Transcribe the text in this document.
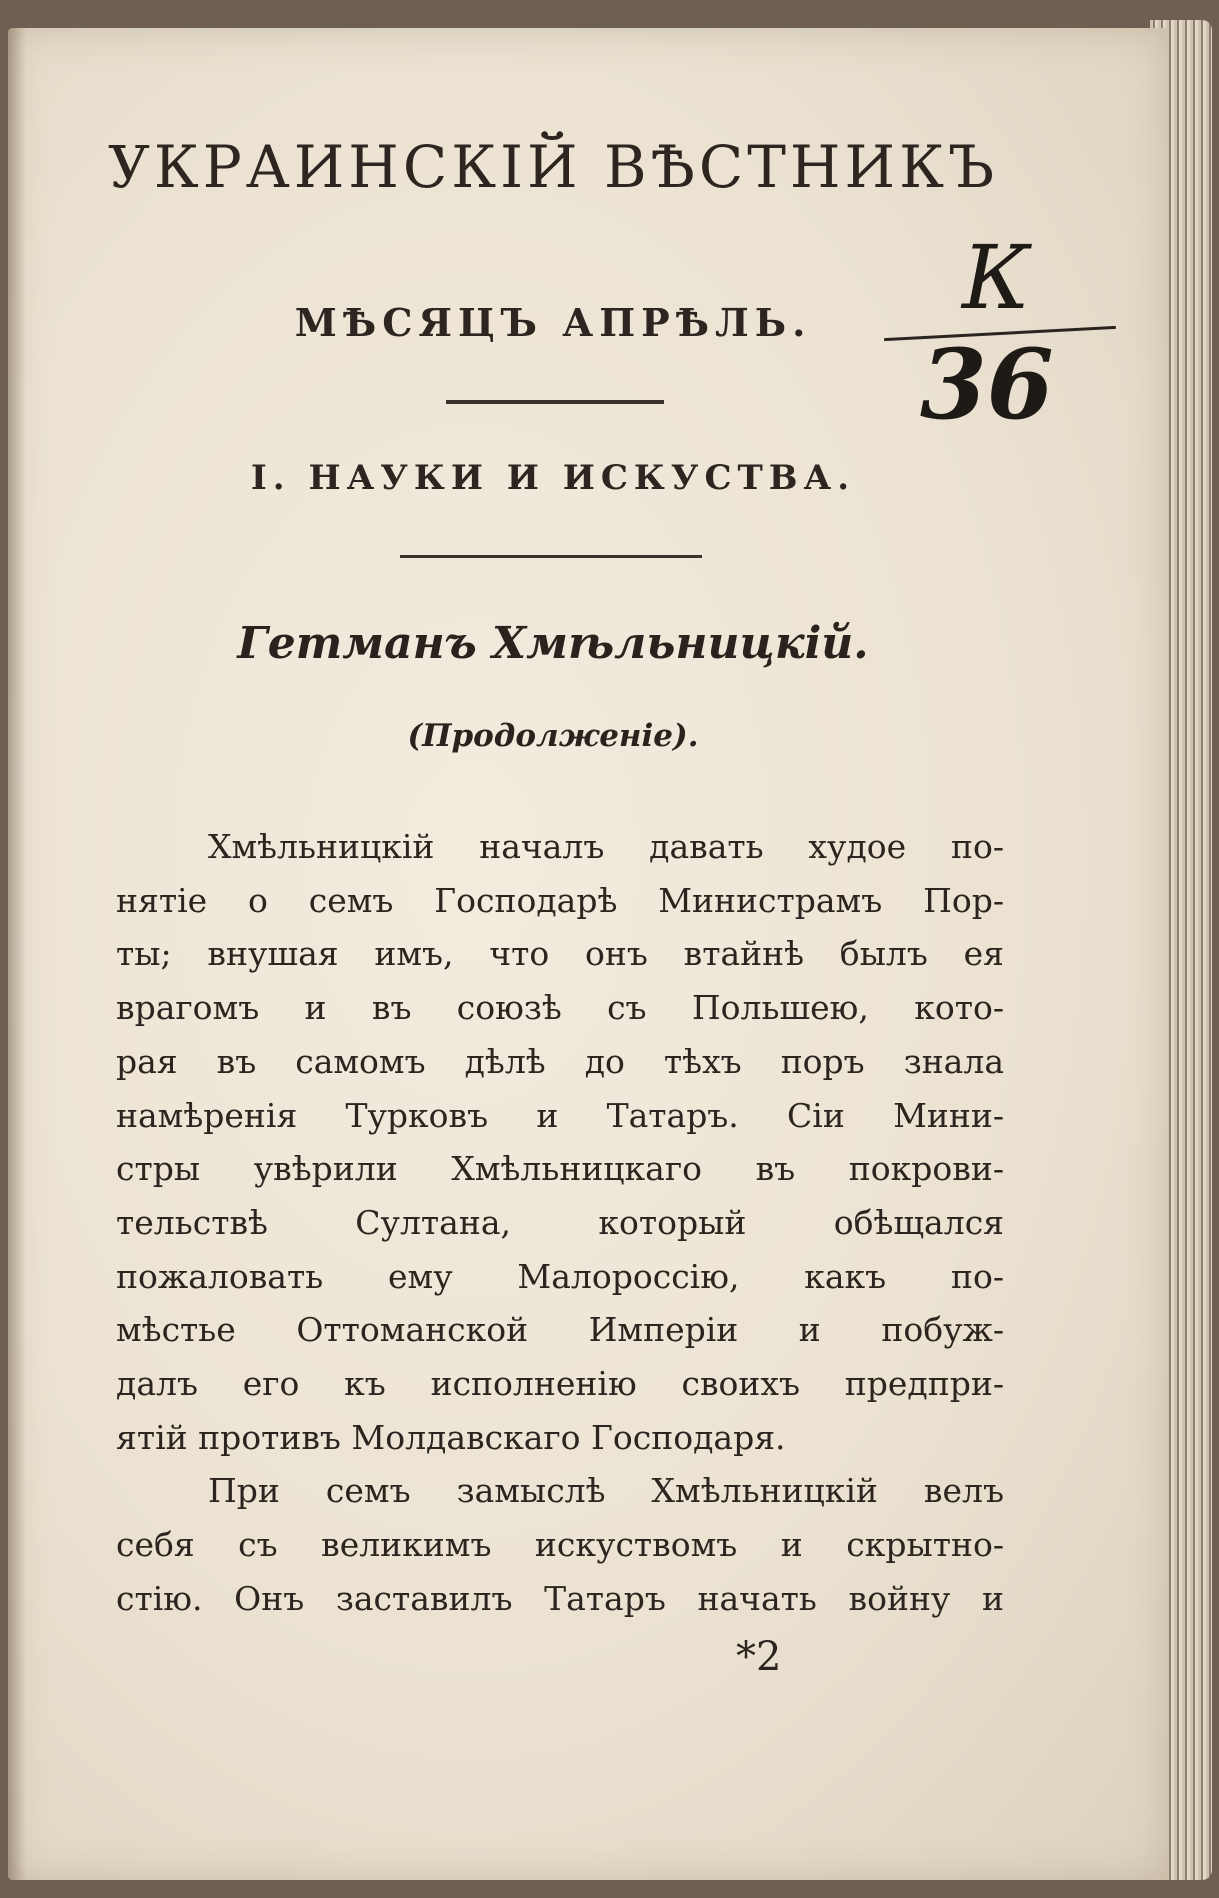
УКРАИНСКІЙ ВѢСТНИКЪ
МѢСЯЦЪ АПРѢЛЬ.
I. НАУКИ И ИСКУСТВА.
Гетманъ Хмѣльницкій.
(Продолженіе).
Хмѣльницкій началъ давать худое по-
нятіе о семъ Господарѣ Министрамъ Пор-
ты; внушая имъ, что онъ втайнѣ былъ ея
врагомъ и въ союзѣ съ Польшею, кото-
рая въ самомъ дѣлѣ до тѣхъ поръ знала
намѣренія Турковъ и Татаръ. Сіи Мини-
стры увѣрили Хмѣльницкаго въ покрови-
тельствѣ Султана, который обѣщался
пожаловать ему Малороссію, какъ по-
мѣстье Оттоманской Имперіи и побуж-
далъ его къ исполненію своихъ предпри-
ятій противъ Молдавскаго Господаря.
При семъ замыслѣ Хмѣльницкій велъ
себя съ великимъ искуствомъ и скрытно-
стію. Онъ заставилъ Татаръ начать войну и
*2
К
36
